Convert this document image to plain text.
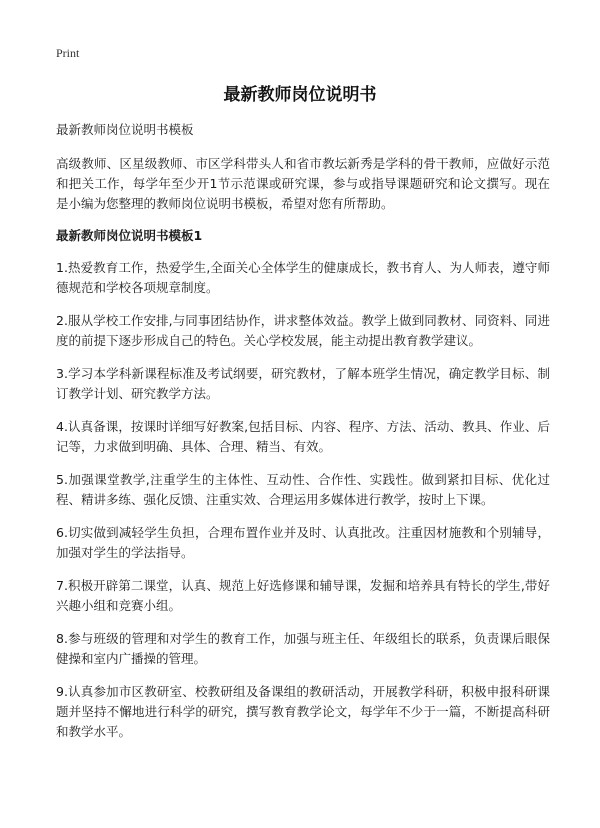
Print
最新教师岗位说明书

最新教师岗位说明书模板

高级教师、区星级教师、市区学科带头人和省市教坛新秀是学科的骨干教师，应做好示范和把关工作，每学年至少开1节示范课或研究课，参与或指导课题研究和论文撰写。现在是小编为您整理的教师岗位说明书模板，希望对您有所帮助。

最新教师岗位说明书模板1

1.热爱教育工作，热爱学生,全面关心全体学生的健康成长，教书育人、为人师表，遵守师德规范和学校各项规章制度。

2.服从学校工作安排,与同事团结协作，讲求整体效益。教学上做到同教材、同资料、同进度的前提下逐步形成自己的特色。关心学校发展，能主动提出教育教学建议。

3.学习本学科新课程标准及考试纲要，研究教材，了解本班学生情况，确定教学目标、制订教学计划、研究教学方法。

4.认真备课，按课时详细写好教案,包括目标、内容、程序、方法、活动、教具、作业、后记等，力求做到明确、具体、合理、精当、有效。

5.加强课堂教学,注重学生的主体性、互动性、合作性、实践性。做到紧扣目标、优化过程、精讲多练、强化反馈、注重实效、合理运用多媒体进行教学，按时上下课。

6.切实做到减轻学生负担，合理布置作业并及时、认真批改。注重因材施教和个别辅导，加强对学生的学法指导。

7.积极开辟第二课堂，认真、规范上好选修课和辅导课，发掘和培养具有特长的学生,带好兴趣小组和竞赛小组。

8.参与班级的管理和对学生的教育工作，加强与班主任、年级组长的联系，负责课后眼保健操和室内广播操的管理。

9.认真参加市区教研室、校教研组及备课组的教研活动，开展教学科研，积极申报科研课题并坚持不懈地进行科学的研究，撰写教育教学论文，每学年不少于一篇，不断提高科研和教学水平。
